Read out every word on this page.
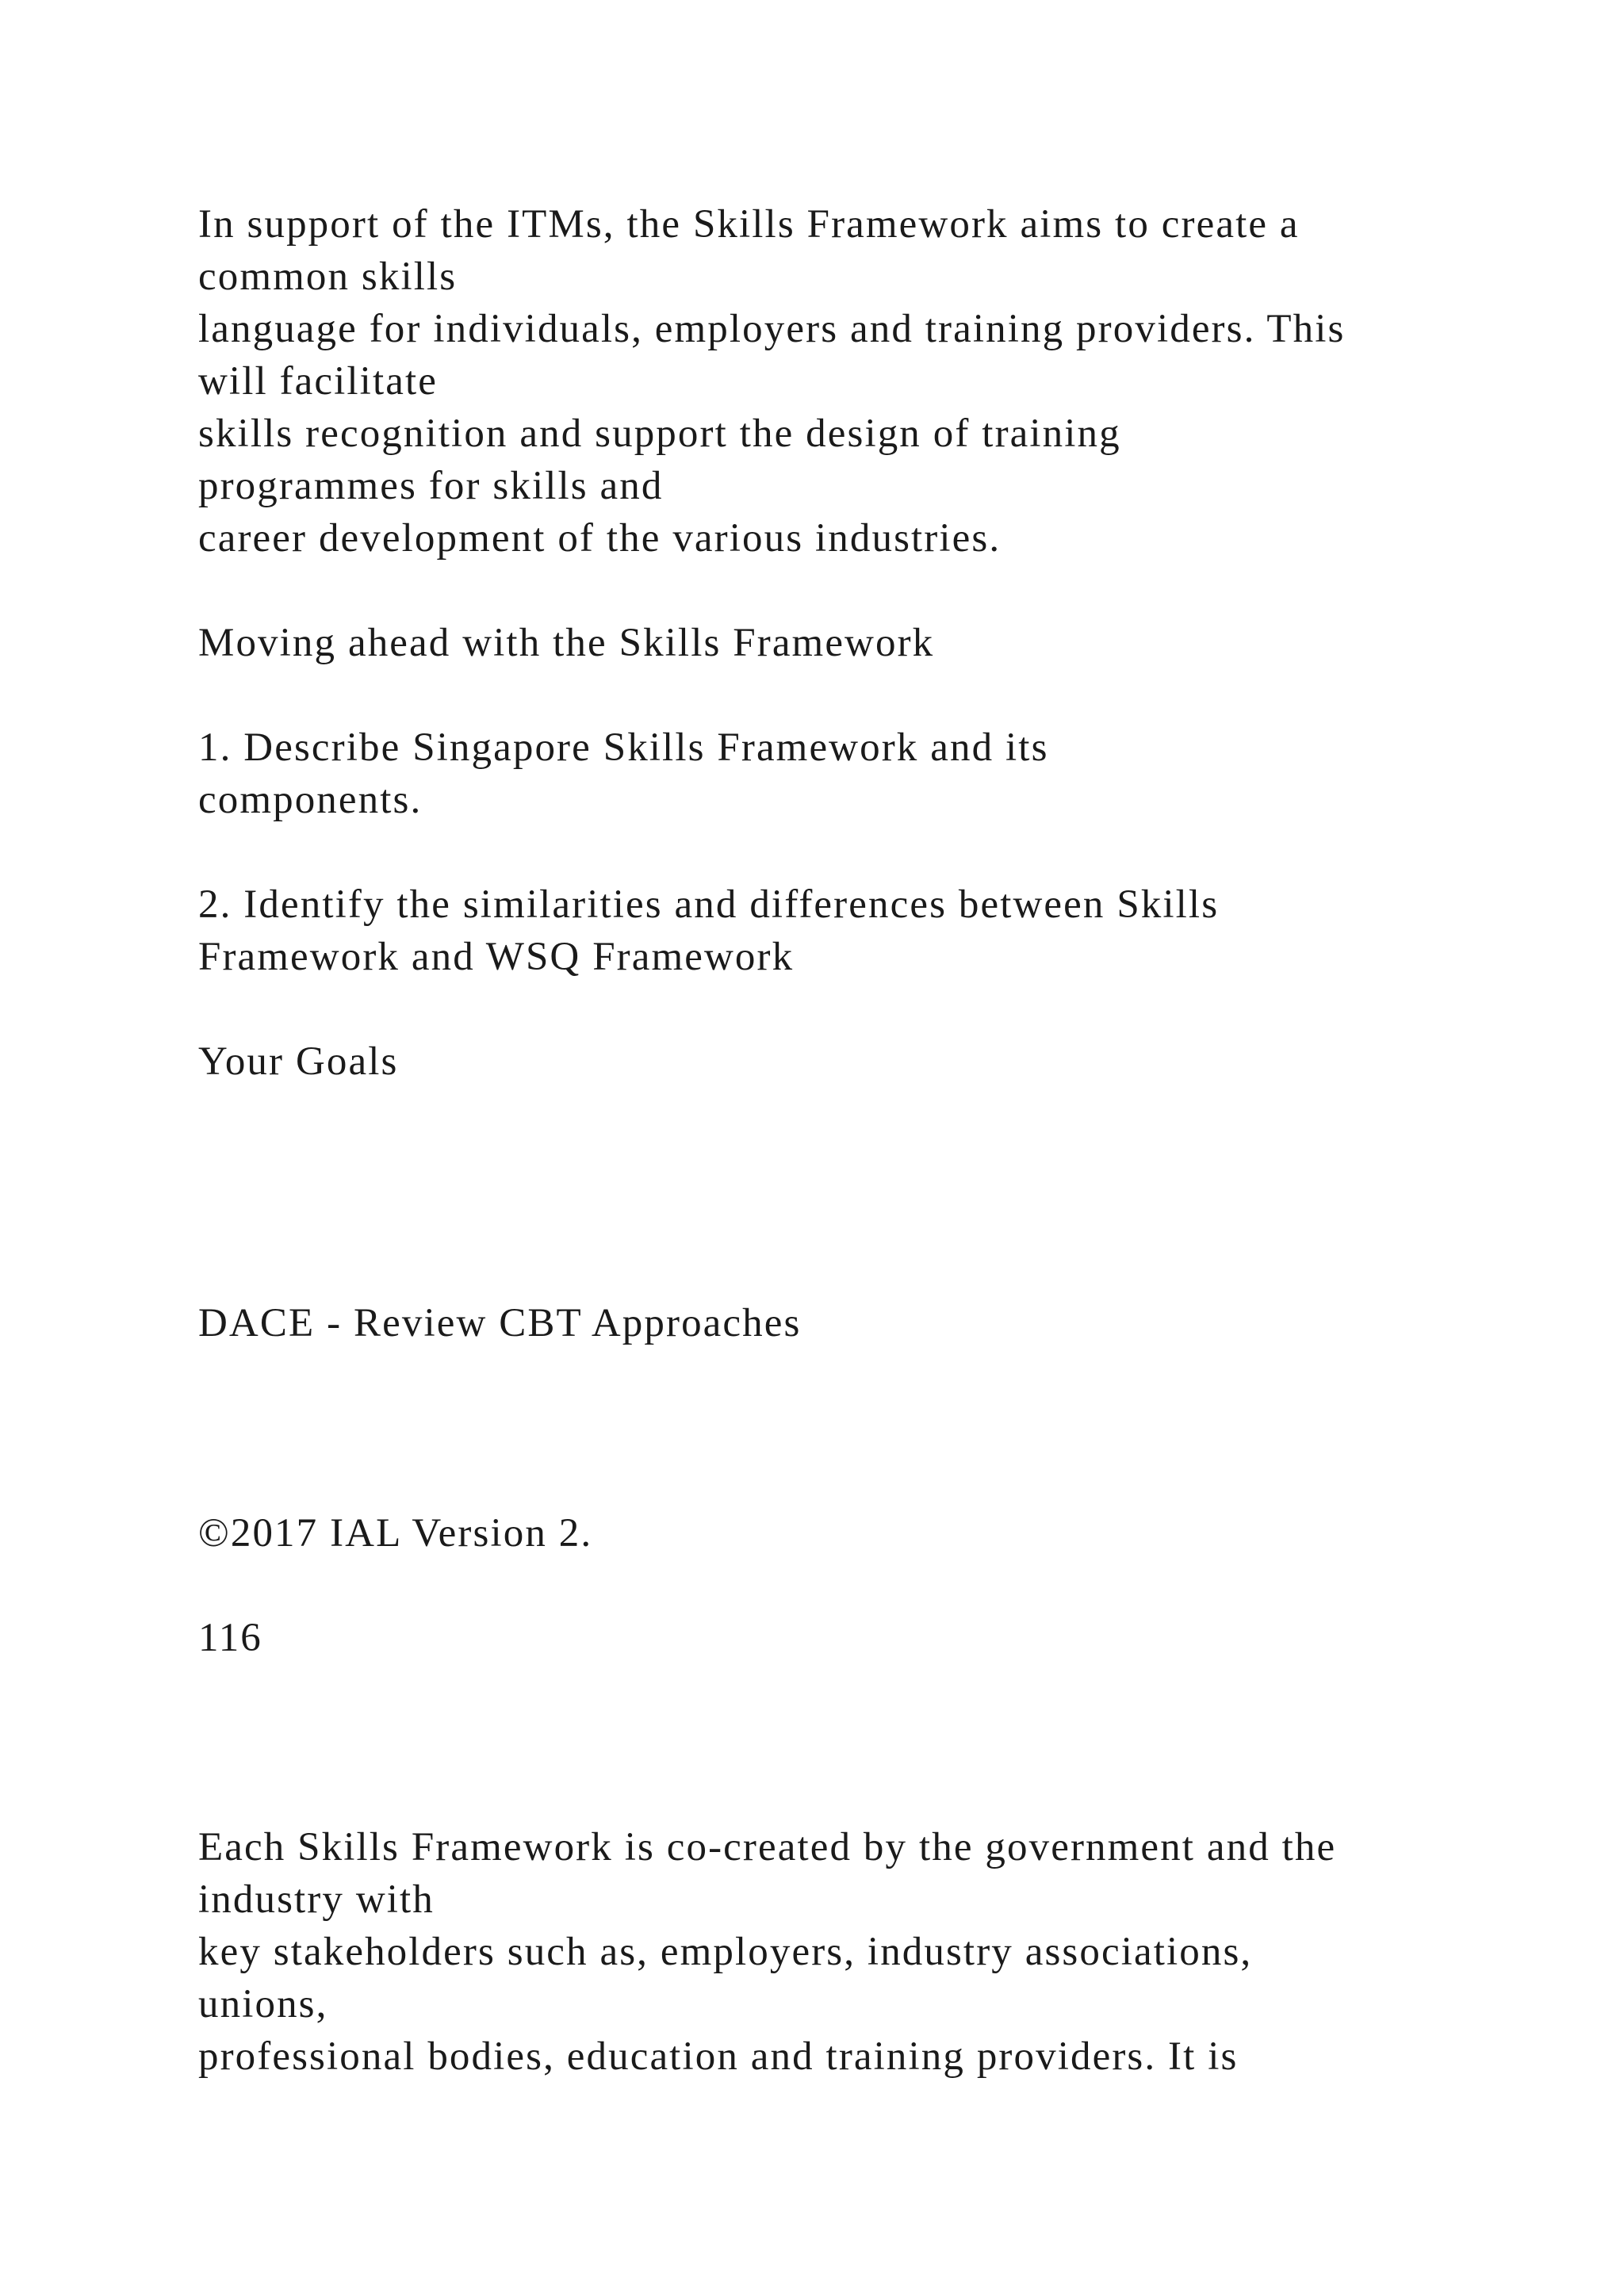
In support of the ITMs, the Skills Framework aims to create a

common skills

language for individuals, employers and training providers. This

will facilitate

skills recognition and support the design of training

programmes for skills and

career development of the various industries.

Moving ahead with the Skills Framework

1. Describe Singapore Skills Framework and its

components.

2. Identify the similarities and differences between Skills

Framework and WSQ Framework

Your Goals

DACE - Review CBT Approaches

©2017 IAL Version 2.

116

Each Skills Framework is co-created by the government and the

industry with

key stakeholders such as, employers, industry associations,

unions,

professional bodies, education and training providers. It is
